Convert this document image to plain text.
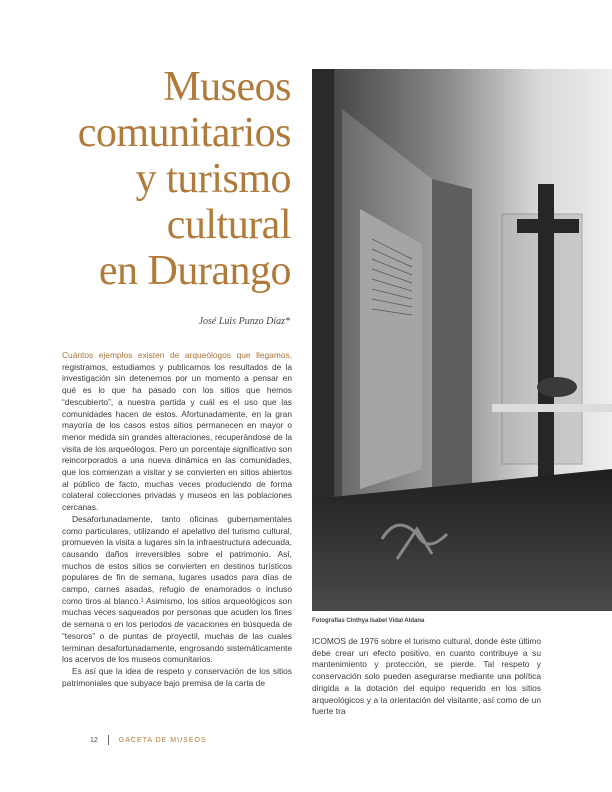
Museos
comunitarios
y turismo
cultural
en Durango
José Luis Punzo Díaz*

Cuántos ejemplos existen de arqueólogos que llegamos, registramos, estudiamos y publicamos los resultados de la investigación sin detenernos por un momento a pensar en qué es lo que ha pasado con los sitios que hemos “descubierto”, a nuestra partida y cuál es el uso que las comunidades hacen de estos. Afortunadamente, en la gran mayoría de los casos estos sitios permanecen en mayor o menor medida sin grandes alteraciones, recuperándose de la visita de los arqueólogos. Pero un porcentaje significativo son reincorporados a una nueva dinámica en las comunidades, que los comienzan a visitar y se convierten en sitios abiertos al público de facto, muchas veces produciendo de forma colateral colecciones privadas y museos en las poblaciones cercanas.

Desafortunadamente, tanto oficinas gubernamentales como particulares, utilizando el apelativo del turismo cultural, promueven la visita a lugares sin la infraestructura adecuada, causando daños irreversibles sobre el patrimonio. Así, muchos de estos sitios se convierten en destinos turísticos populares de fin de semana, lugares usados para días de campo, carnes asadas, refugio de enamorados o incluso como tiros al blanco.¹ Asimismo, los sitios arqueológicos son muchas veces saqueados por personas que acuden los fines de semana o en los periodos de vacaciones en búsqueda de “tesoros” o de puntas de proyectil, muchas de las cuales terminan desafortunadamente, engrosando sistemáticamente los acervos de los museos comunitarios.

Es así que la idea de respeto y conservación de los sitios patrimoniales que subyace bajo premisa de la carta de

Fotografías Cinthya Isabel Vidal Aldana

ICOMOS de 1976 sobre el turismo cultural, donde éste último debe crear un efecto positivo, en cuanto contribuye a su mantenimiento y protección, se pierde. Tal respeto y conservación solo pueden asegurarse mediante una política dirigida a la dotación del equipo requerido en los sitios arqueológicos y a la orientación del visitante, así como de un fuerte tra

12	GACETA DE MUSEOS
